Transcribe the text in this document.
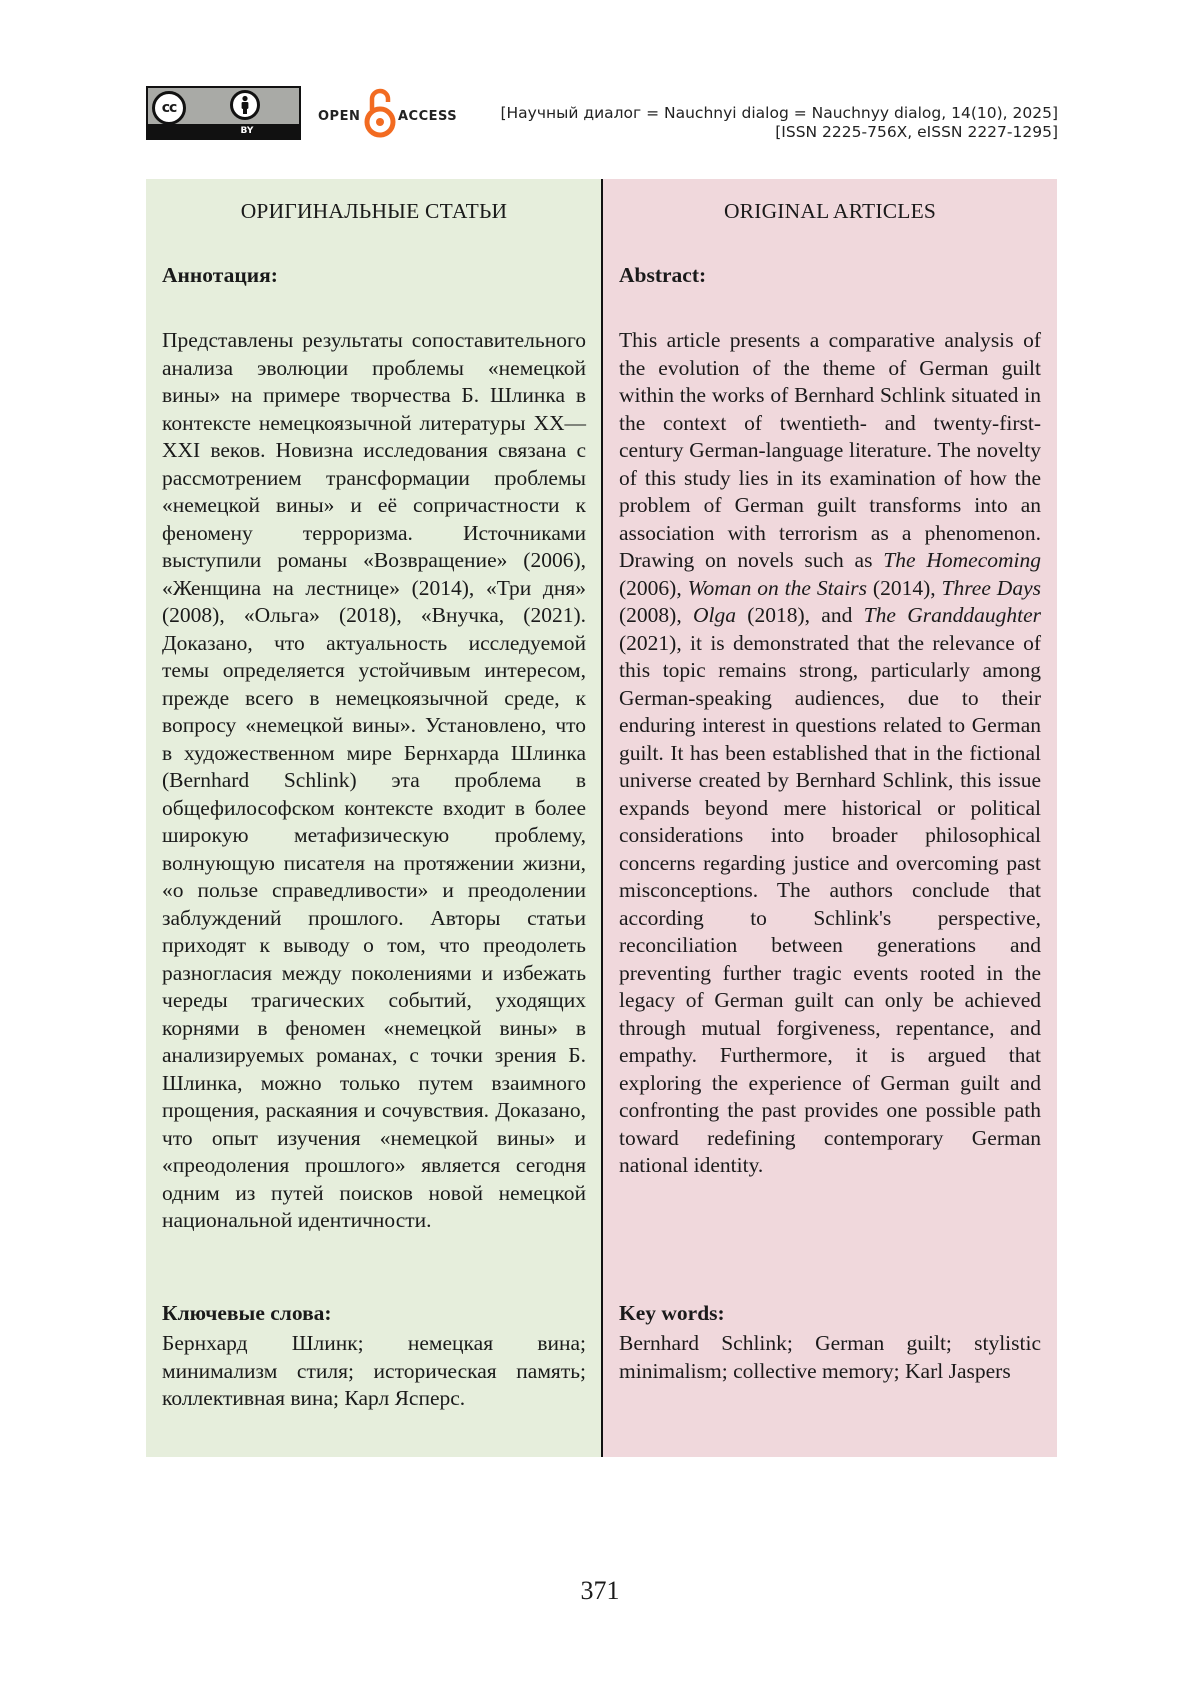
cc
BY
OPEN	ACCESS	[Научный диалог = Nauchnyi dialog = Nauchnyy dialog, 14(10), 2025]
[ISSN 2225-756X, eISSN 2227-1295]
ОРИГИНАЛЬНЫЕ СТАТЬИ
Аннотация:
Представлены результаты сопоставительного анализа эволюции проблемы «немецкой вины» на примере творчества Б. Шлинка в контексте немецкоязычной литературы XX—XXI веков. Новизна исследования связана с рассмотрением трансформации проблемы «немецкой вины» и её сопричастности к феномену терроризма. Источниками выступили романы «Возвращение» (2006), «Женщина на лестнице» (2014), «Три дня» (2008), «Ольга» (2018), «Внучка, (2021). Доказано, что актуальность исследуемой темы определяется устойчивым интересом, прежде всего в немецкоязычной среде, к вопросу «немецкой вины». Установлено, что в художественном мире Бернхарда Шлинка (Bernhard Schlink) эта проблема в общефилософском контексте входит в более широкую метафизическую проблему, волнующую писателя на протяжении жизни, «о пользе справедливости» и преодолении заблуждений прошлого. Авторы статьи приходят к выводу о том, что преодолеть разногласия между поколениями и избежать череды трагических событий, уходящих корнями в феномен «немецкой вины» в анализируемых романах, с точки зрения Б. Шлинка, можно только путем взаимного прощения, раскаяния и сочувствия. Доказано, что опыт изучения «немецкой вины» и «преодоления прошлого» является сегодня одним из путей поисков новой немецкой национальной идентичности.
Ключевые слова:
Бернхард Шлинк; немецкая вина; минимализм стиля; историческая память; коллективная вина; Карл Ясперс.
ORIGINAL ARTICLES
Abstract:
This article presents a comparative analysis of the evolution of the theme of German guilt within the works of Bernhard Schlink situated in the context of twentieth- and twenty-first-century German-language literature. The novelty of this study lies in its examination of how the problem of German guilt transforms into an association with terrorism as a phenomenon. Drawing on novels such as The Homecoming (2006), Woman on the Stairs (2014), Three Days (2008), Olga (2018), and The Granddaughter (2021), it is demonstrated that the relevance of this topic remains strong, particularly among German-speaking audiences, due to their enduring interest in questions related to German guilt. It has been established that in the fictional universe created by Bernhard Schlink, this issue expands beyond mere historical or political considerations into broader philosophical concerns regarding justice and overcoming past misconceptions. The authors conclude that according to Schlink's perspective, reconciliation between generations and preventing further tragic events rooted in the legacy of German guilt can only be achieved through mutual forgiveness, repentance, and empathy. Furthermore, it is argued that exploring the experience of German guilt and confronting the past provides one possible path toward redefining contemporary German national identity.
Key words:
Bernhard Schlink; German guilt; stylistic minimalism; collective memory; Karl Jaspers
371
